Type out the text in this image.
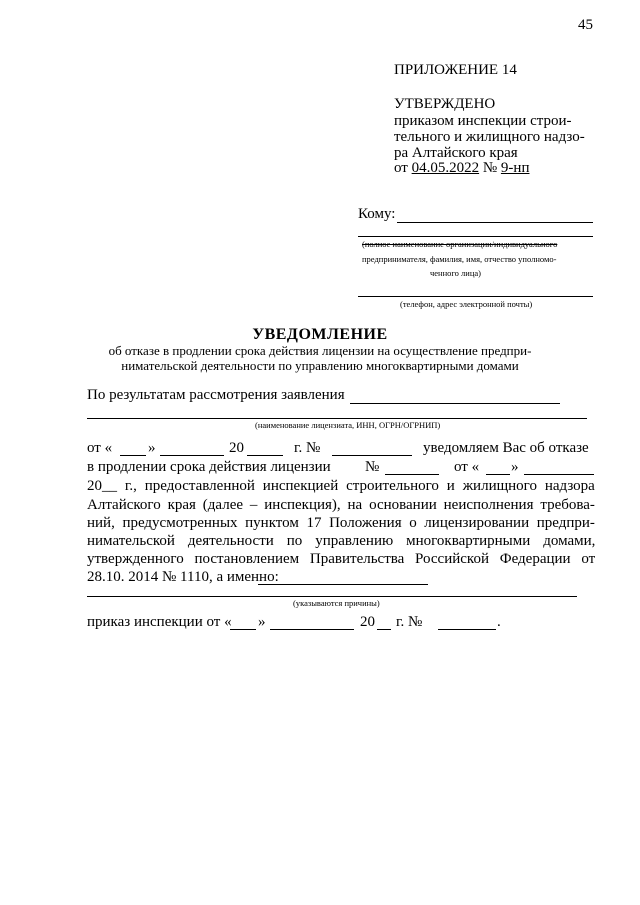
45
ПРИЛОЖЕНИЕ 14
УТВЕРЖДЕНО
приказом инспекции строи-
тельного и жилищного надзо-
ра Алтайского края
от 04.05.2022 № 9-нп
Кому:
(полное наименование организации/индивидуального
предпринимателя, фамилия, имя, отчество уполномо-
ченного лица)
(телефон, адрес электронной почты)
УВЕДОМЛЕНИЕ
об отказе в продлении срока действия лицензии на осуществление предпри-
нимательской деятельности по управлению многоквартирными домами
По результатам рассмотрения заявления
(наименование лицензиата, ИНН, ОГРН/ОГРНИП)
от « »	20	г. №	уведомляем Вас об отказе
в продлении срока действия лицензии №	от « »
20__ г., предоставленной инспекцией строительного и жилищного надзора
Алтайского края (далее – инспекция), на основании неисполнения требова-
ний, предусмотренных пунктом 17 Положения о лицензировании предпри-
нимательской деятельности по управлению многоквартирными домами,
утвержденного постановлением Правительства Российской Федерации от
28.10. 2014 № 1110, а именно:
(указываются причины)
приказ инспекции от « »	20 г. №	.
